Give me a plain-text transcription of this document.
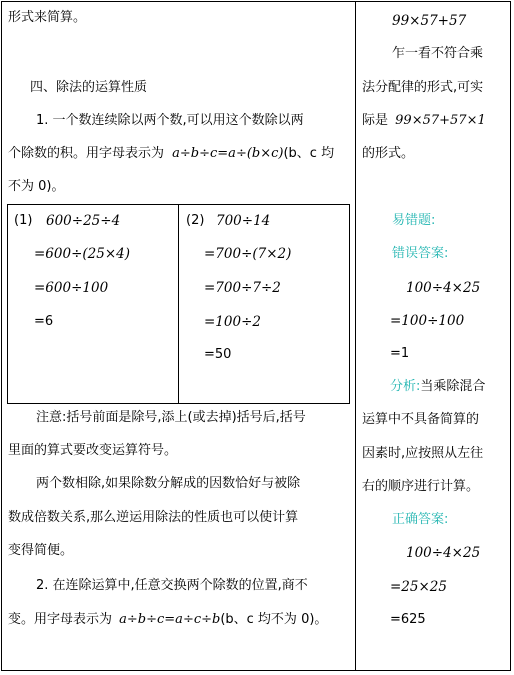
形式来简算。
四、除法的运算性质
1. 一个数连续除以两个数,可以用这个数除以两
个除数的积。用字母表示为 a÷b÷c=a÷(b×c)(b、c 均
不为 0)。
(1) 600÷25÷4
=600÷(25×4)
=600÷100
=6
(2) 700÷14
=700÷(7×2)
=700÷7÷2
=100÷2
=50
注意:括号前面是除号,添上(或去掉)括号后,括号
里面的算式要改变运算符号。
两个数相除,如果除数分解成的因数恰好与被除
数成倍数关系,那么逆运用除法的性质也可以使计算
变得简便。
2. 在连除运算中,任意交换两个除数的位置,商不
变。用字母表示为 a÷b÷c=a÷c÷b(b、c 均不为 0)。
99×57+57
乍一看不符合乘
法分配律的形式,可实
际是 99×57+57×1
的形式。
易错题:
错误答案:
100÷4×25
=100÷100
=1
分析:当乘除混合
运算中不具备简算的
因素时,应按照从左往
右的顺序进行计算。
正确答案:
100÷4×25
=25×25
=625
